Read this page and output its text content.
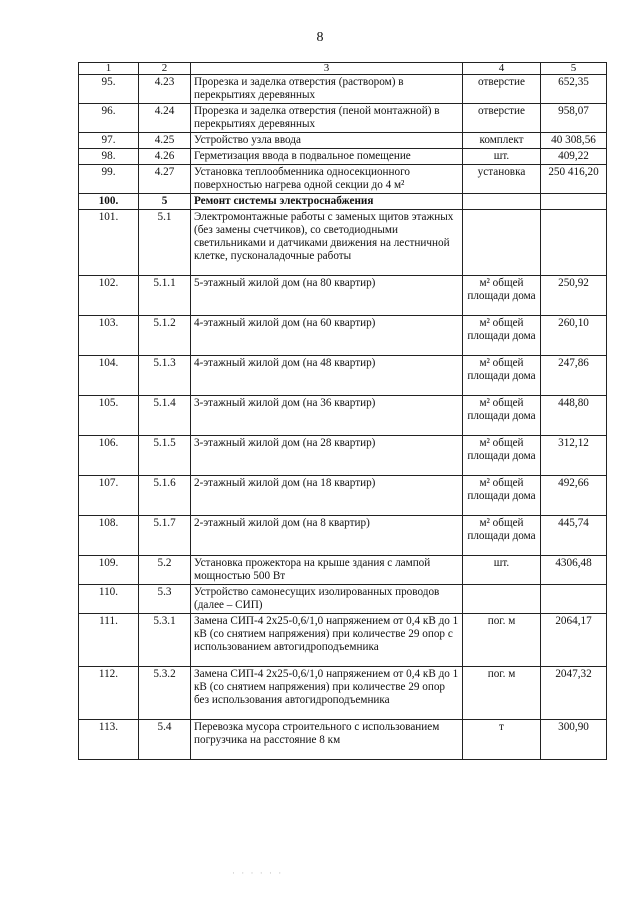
8
1	2	3	4	5
95.	4.23	Прорезка и заделка отверстия (раствором) в перекрытиях деревянных	отверстие	652,35
96.	4.24	Прорезка и заделка отверстия (пеной монтажной) в перекрытиях деревянных	отверстие	958,07
97.	4.25	Устройство узла ввода	комплект	40 308,56
98.	4.26	Герметизация ввода в подвальное помещение	шт.	409,22
99.	4.27	Установка теплообменника односекционного поверхностью нагрева одной секции до 4 м²	установка	250 416,20
100.	5	Ремонт системы электроснабжения		
101.	5.1	Электромонтажные работы с заменых щитов этажных (без замены счетчиков), со светодиодными светильниками и датчиками движения на лестничной клетке, пусконаладочные работы		
102.	5.1.1	5-этажный жилой дом (на 80 квартир)	м² общей площади дома	250,92
103.	5.1.2	4-этажный жилой дом (на 60 квартир)	м² общей площади дома	260,10
104.	5.1.3	4-этажный жилой дом (на 48 квартир)	м² общей площади дома	247,86
105.	5.1.4	3-этажный жилой дом (на 36 квартир)	м² общей площади дома	448,80
106.	5.1.5	3-этажный жилой дом (на 28 квартир)	м² общей площади дома	312,12
107.	5.1.6	2-этажный жилой дом (на 18 квартир)	м² общей площади дома	492,66
108.	5.1.7	2-этажный жилой дом (на 8 квартир)	м² общей площади дома	445,74
109.	5.2	Установка прожектора на крыше здания с лампой мощностью 500 Вт	шт.	4306,48
110.	5.3	Устройство самонесущих изолированных проводов (далее – СИП)		
111.	5.3.1	Замена СИП-4 2х25-0,6/1,0 напряжением от 0,4 кВ до 1 кВ (со снятием напряжения) при количестве 29 опор с использованием автогидроподъемника	пог. м	2064,17
112.	5.3.2	Замена СИП-4 2х25-0,6/1,0 напряжением от 0,4 кВ до 1 кВ (со снятием напряжения) при количестве 29 опор без использования автогидроподъемника	пог. м	2047,32
113.	5.4	Перевозка мусора строительного с использованием погрузчика на расстояние 8 км	т	300,90
· · · · · ·
